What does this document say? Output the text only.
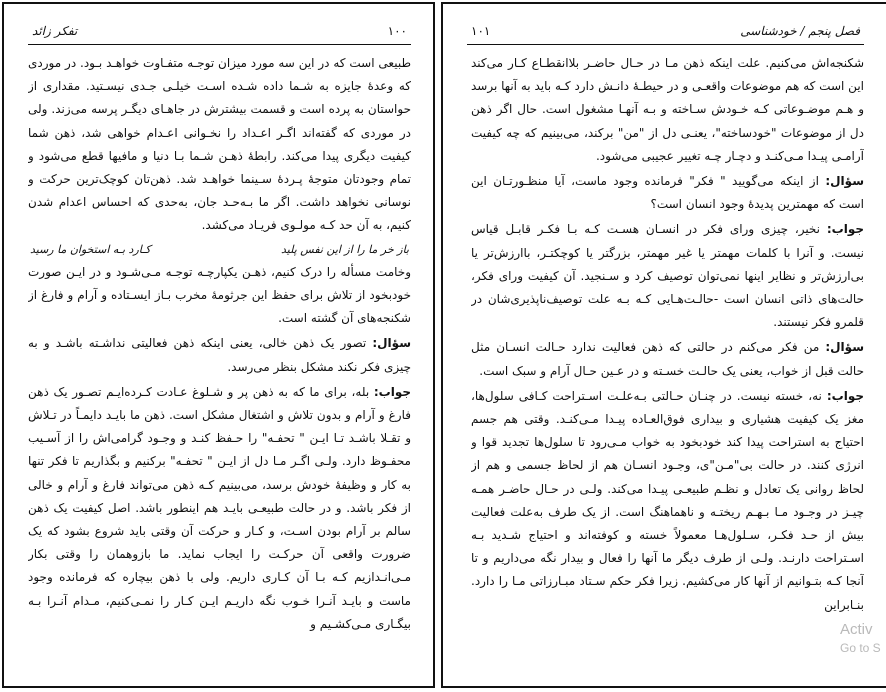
تفکر زائد	۱۰۰

طبیعی است که در این سه مورد میزان توجـه متفـاوت خواهـد بـود. در موردی که وعدهٔ جایزه به شـما داده شـده اسـت خیلـی جـدی نیسـتید. مقداری از حواستان به پرده است و قسمت بیشترش در جاهـای دیگـر پرسه می‌زند. ولی در موردی که گفته‌اند اگـر اعـداد را نخـوانی اعـدام خواهی شد، ذهن شما کیفیت دیگری پیدا می‌کند. رابطهٔ ذهـن شـما بـا دنیا و مافیها قطع می‌شود و تمام وجودتان متوجهٔ پـردهٔ سـینما خواهـد شد. ذهن‌تان کوچک‌ترین حرکت و نوسانی نخواهد داشت. اگر ما بـه‌حـد جان، به‌حدی که احساس اعدام شدن کنیم، به آن حد کـه مولـوی فریـاد می‌کشد.

باز خر ما را از این نفس پلید
کـارد بـه استخوان ما رسید

وخامت مسأله را درک کنیم، ذهـن یکپارچـه توجـه مـی‌شـود و در ایـن صورت خودبخود از تلاش برای حفظ این جرثومهٔ مخرب بـاز ایسـتاده و آرام و فارغ از شکنجه‌های آن گشته است.

سؤال: تصور یک ذهن خالی، یعنی اینکه ذهن فعالیتی نداشـته باشـد و به چیزی فکر نکند مشکل بنظر می‌رسد.

جواب: بله، برای ما که به ذهن پر و شـلوغ عـادت کـرده‌ایـم تصـور یک ذهن فارغ و آرام و بدون تلاش و اشتغال مشکل است. ذهن ما بایـد دایمـاً در تـلاش و تقـلا باشـد تـا ایـن " تحفـه" را حـفظ کنـد و وجـود گرامی‌اش را از آسـیب محفـوظ دارد. ولـی اگـر مـا دل از ایـن " تحفـه" برکنیم و بگذاریم تا فکر تنها به کار و وظیفهٔ خودش برسد، می‌بینیم کـه ذهن می‌تواند فارغ و آرام و خالی از فکر باشد. و در حالت طبیعـی بایـد هم اینطور باشد. اصل کیفیت یک ذهن سالم بر آرام بودن اسـت، و کـار و حرکت آن وقتی باید شروع بشود که یک ضرورت واقعی آن حرکـت را ایجاب نماید. ما بازوهمان را وقتی بکار مـی‌انـدازیم کـه بـا آن کـاری داریم. ولی با ذهن بیچاره که فرمانده وجود ماست و بایـد آنـرا خـوب نگه داریـم ایـن کـار را نمـی‌کنیم، مـدام آنـرا بـه بیگـاری مـی‌کشـیم و

۱۰۱	فصل پنجم / خودشناسی

شکنجه‌اش می‌کنیم. علت اینکه ذهن مـا در حـال حاضـر بلاانقطـاع کـار می‌کند این است که هم موضوعات واقعـی و در حیطـهٔ دانـش دارد کـه باید به آنها برسد و هـم موضـوعاتی کـه خـودش سـاخته و بـه آنهـا مشغول است. حال اگر ذهن دل از موضوعات "خودساخته"، یعنـی دل از "من" برکند، می‌بینیم که چه کیفیت آرامـی پیـدا مـی‌کنـد و دچـار چـه تغییر عجیبی می‌شود.

سؤال: از اینکه می‌گویید " فکر" فرمانده وجود ماست، آیا منظـورتـان این است که مهمترین پدیدهٔ وجود انسان است؟

جواب: نخیر، چیزی ورای فکر در انسـان هسـت کـه بـا فکـر قابـل قیاس نیست. و آنرا با کلمات مهمتر یا غیر مهمتر، بزرگتر یا کوچکتـر، باارزش‌تر یا بی‌ارزش‌تر و نظایر اینها نمی‌توان توصیف کرد و سـنجید. آن کیفیت ورای فکر، حالت‌های ذاتی انسان است -حالـت‌هـایی کـه بـه علت توصیف‌ناپذیری‌شان در قلمرو فکر نیستند.

سؤال: من فکر می‌کنم در حالتی که ذهن فعالیت ندارد حـالت انسـان مثل حالت قبل از خواب، یعنی یک حالـت خسـته و در عـین حـال آرام و سبک است.

جواب: نه، خسته نیست. در چنـان حـالتی بـه‌علـت اسـتراحت کـافی سلول‌ها، مغز یک کیفیت هشیاری و بیداری فوق‌العـاده پیـدا مـی‌کنـد. وقتی هم جسم احتیاج به استراحت پیدا کند خودبخود به خواب مـی‌رود تا سلول‌ها تجدید قوا و انرژی کنند. در حالت بی‌"مـن"ی، وجـود انسـان هم از لحاظ جسمی و هم از لحاظ روانی یک تعادل و نظـم طبیعـی پیـدا می‌کند. ولـی در حـال حاضـر همـه چیـز در وجـود مـا بـهـم ریختـه و ناهماهنگ است. از یک طرف به‌علت فعالیت بیش از حـد فکـر، سـلول‌هـا معمولاً خسته و کوفته‌اند و احتیاج شـدید بـه اسـتراحت دارنـد. ولـی از طرف دیگر ما آنها را فعال و بیدار نگه می‌داریم و تا آنجا کـه بتـوانیم از آنها کار می‌کشیم. زیرا فکر حکم سـتاد مبـارزاتی مـا را دارد. بنـابراین

Activ
Go to S
